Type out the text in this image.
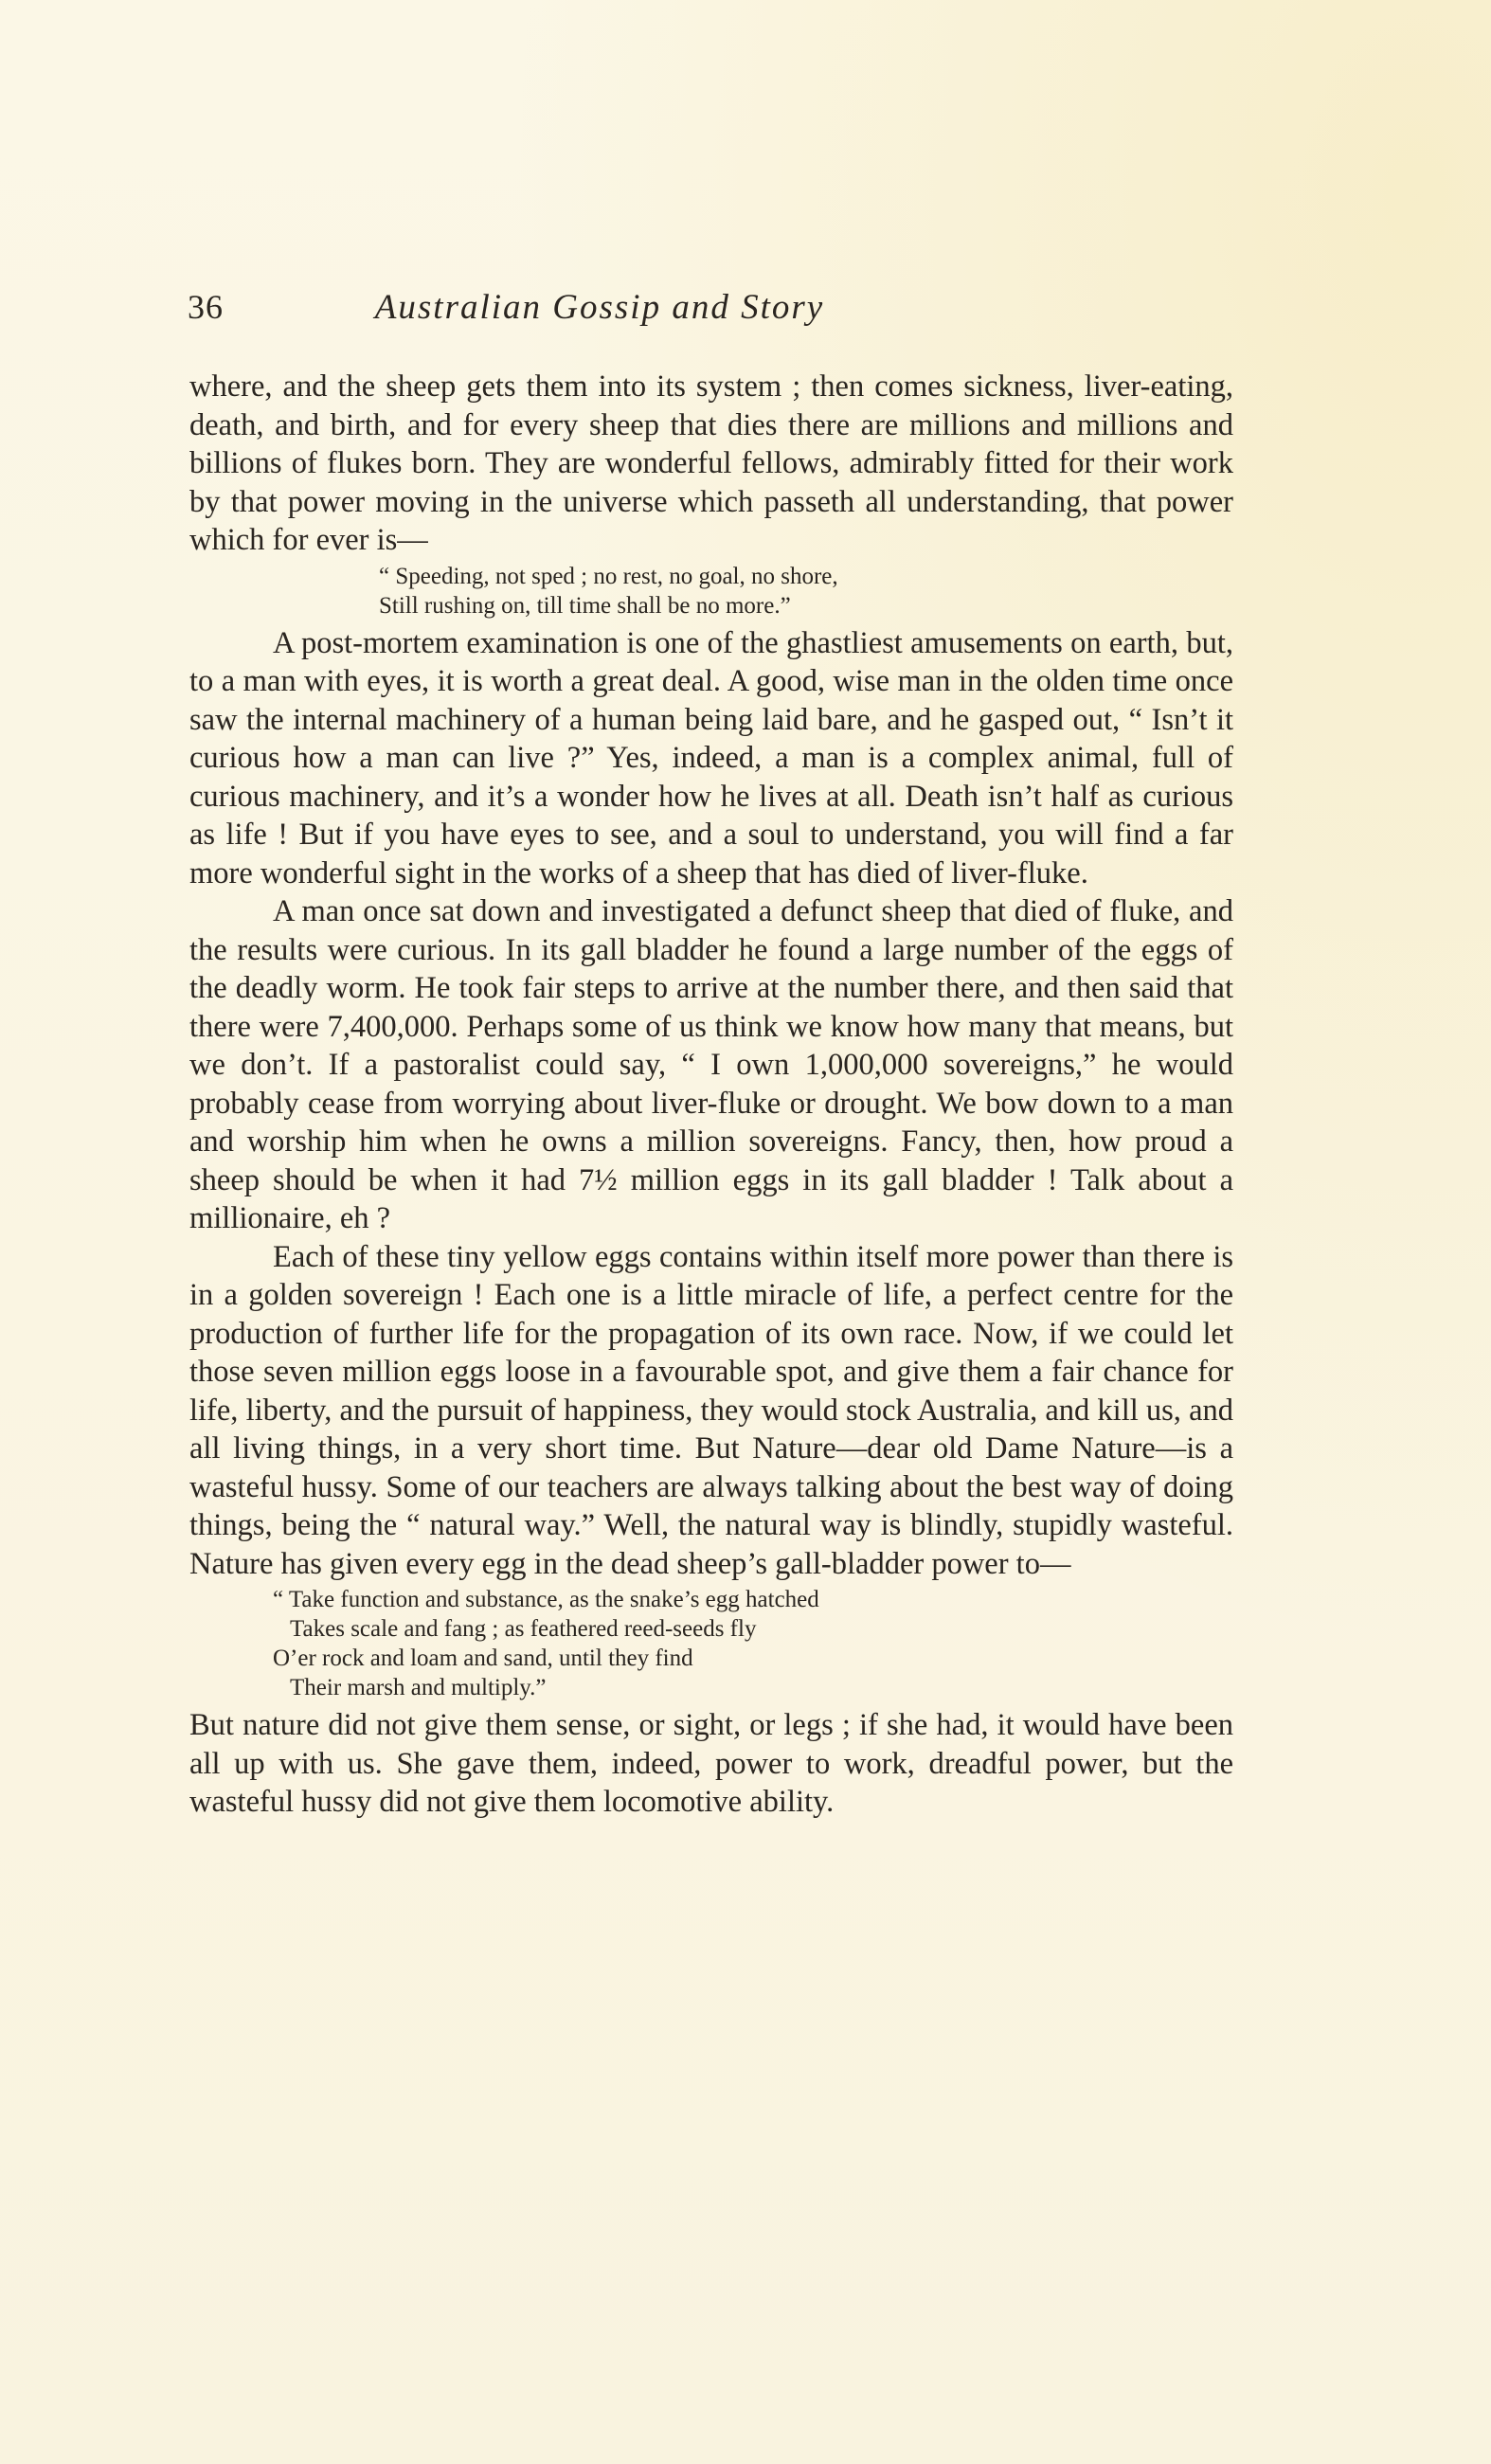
36	Australian Gossip and Story

where, and the sheep gets them into its system ; then comes sickness, liver-eating, death, and birth, and for every sheep that dies there are millions and millions and billions of flukes born. They are wonderful fellows, admirably fitted for their work by that power moving in the universe which passeth all understanding, that power which for ever is—

“ Speeding, not sped ; no rest, no goal, no shore,
Still rushing on, till time shall be no more.”

A post-mortem examination is one of the ghastliest amusements on earth, but, to a man with eyes, it is worth a great deal. A good, wise man in the olden time once saw the internal machinery of a human being laid bare, and he gasped out, “ Isn’t it curious how a man can live ?” Yes, indeed, a man is a complex animal, full of curious machinery, and it’s a wonder how he lives at all. Death isn’t half as curious as life ! But if you have eyes to see, and a soul to understand, you will find a far more wonderful sight in the works of a sheep that has died of liver-fluke.

A man once sat down and investigated a defunct sheep that died of fluke, and the results were curious. In its gall bladder he found a large number of the eggs of the deadly worm. He took fair steps to arrive at the number there, and then said that there were 7,400,000. Perhaps some of us think we know how many that means, but we don’t. If a pastoralist could say, “ I own 1,000,000 sovereigns,” he would probably cease from worrying about liver-fluke or drought. We bow down to a man and worship him when he owns a million sovereigns. Fancy, then, how proud a sheep should be when it had 7½ million eggs in its gall bladder ! Talk about a millionaire, eh ?

Each of these tiny yellow eggs contains within itself more power than there is in a golden sovereign ! Each one is a little miracle of life, a perfect centre for the production of further life for the propagation of its own race. Now, if we could let those seven million eggs loose in a favourable spot, and give them a fair chance for life, liberty, and the pursuit of happiness, they would stock Australia, and kill us, and all living things, in a very short time. But Nature—dear old Dame Nature—is a wasteful hussy. Some of our teachers are always talking about the best way of doing things, being the “ natural way.” Well, the natural way is blindly, stupidly wasteful. Nature has given every egg in the dead sheep’s gall-bladder power to—

“ Take function and substance, as the snake’s egg hatched
Takes scale and fang ; as feathered reed-seeds fly
O’er rock and loam and sand, until they find
Their marsh and multiply.”

But nature did not give them sense, or sight, or legs ; if she had, it would have been all up with us. She gave them, indeed, power to work, dreadful power, but the wasteful hussy did not give them locomotive ability.
